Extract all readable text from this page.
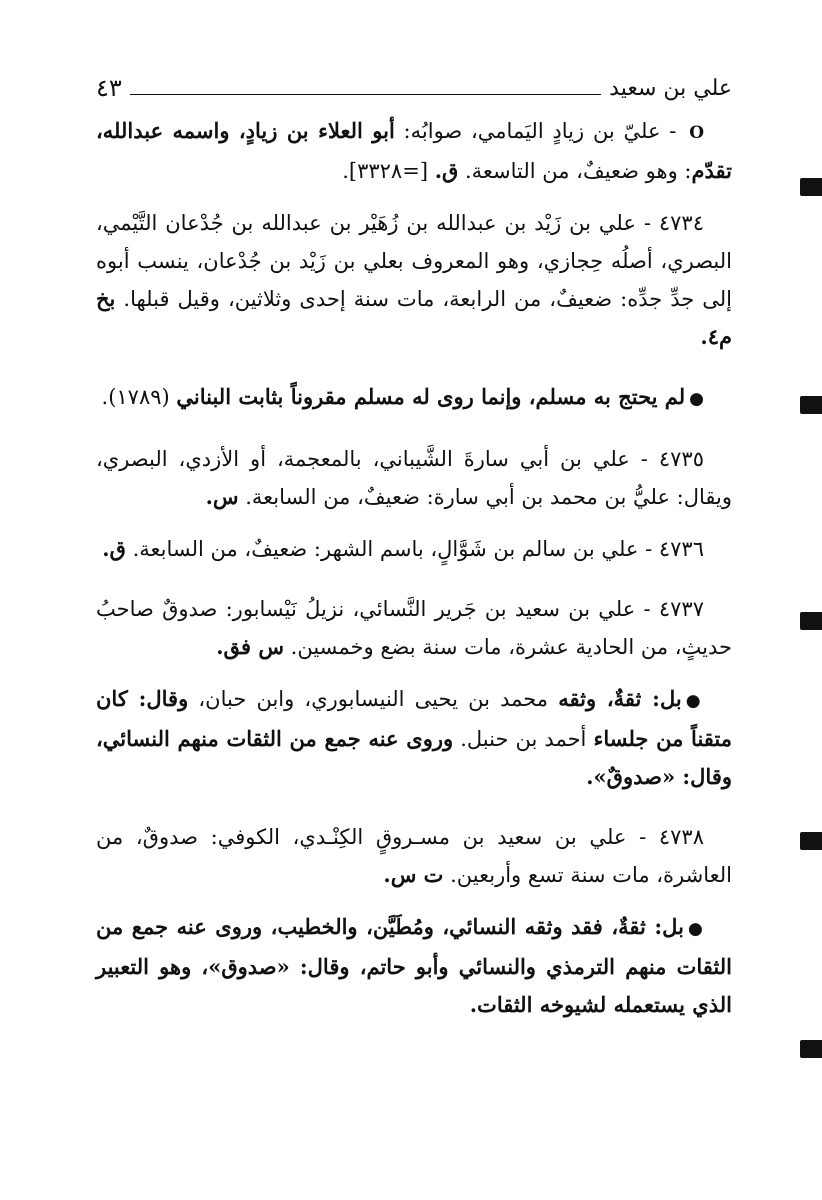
علي بن سعيد
٤٣

O - عليّ بن زيادٍ اليَمامي، صوابُه: أبو العلاء بن زيادٍ، واسمه عبدالله، تقدّم: وهو ضعيفٌ، من التاسعة. ق. [=٣٣٢٨].

٤٧٣٤ - علي بن زَيْد بن عبدالله بن زُهَيْر بن عبدالله بن جُدْعان التَّيْمي، البصري، أصلُه حِجازي، وهو المعروف بعلي بن زَيْد بن جُدْعان، ينسب أبوه إلى جدِّ جدِّه: ضعيفٌ، من الرابعة، مات سنة إحدى وثلاثين، وقيل قبلها. بخ م٤.

●لم يحتج به مسلم، وإنما روى له مسلم مقروناً بثابت البناني (١٧٨٩).

٤٧٣٥ - علي بن أبي سارةَ الشَّيباني، بالمعجمة، أو الأزدي، البصري، ويقال: عليُّ بن محمد بن أبي سارة: ضعيفٌ، من السابعة. س.

٤٧٣٦ - علي بن سالم بن شَوَّالٍ، باسم الشهر: ضعيفٌ، من السابعة. ق.

٤٧٣٧ - علي بن سعيد بن جَرير النَّسائي، نزيلُ نَيْسابور: صدوقٌ صاحبُ حديثٍ، من الحادية عشرة، مات سنة بضع وخمسين. س فق.

●بل: ثقةٌ، وثقه محمد بن يحيى النيسابوري، وابن حبان، وقال: كان متقناً من جلساء أحمد بن حنبل. وروى عنه جمع من الثقات منهم النسائي، وقال: «صدوقٌ».

٤٧٣٨ - علي بن سعيد بن مسـروقٍ الكِنْـدي، الكوفي: صدوقٌ، من العاشرة، مات سنة تسع وأربعين. ت س.

●بل: ثقةٌ، فقد وثقه النسائي، ومُطَيَّن، والخطيب، وروى عنه جمع من الثقات منهم الترمذي والنسائي وأبو حاتم، وقال: «صدوق»، وهو التعبير الذي يستعمله لشيوخه الثقات.
